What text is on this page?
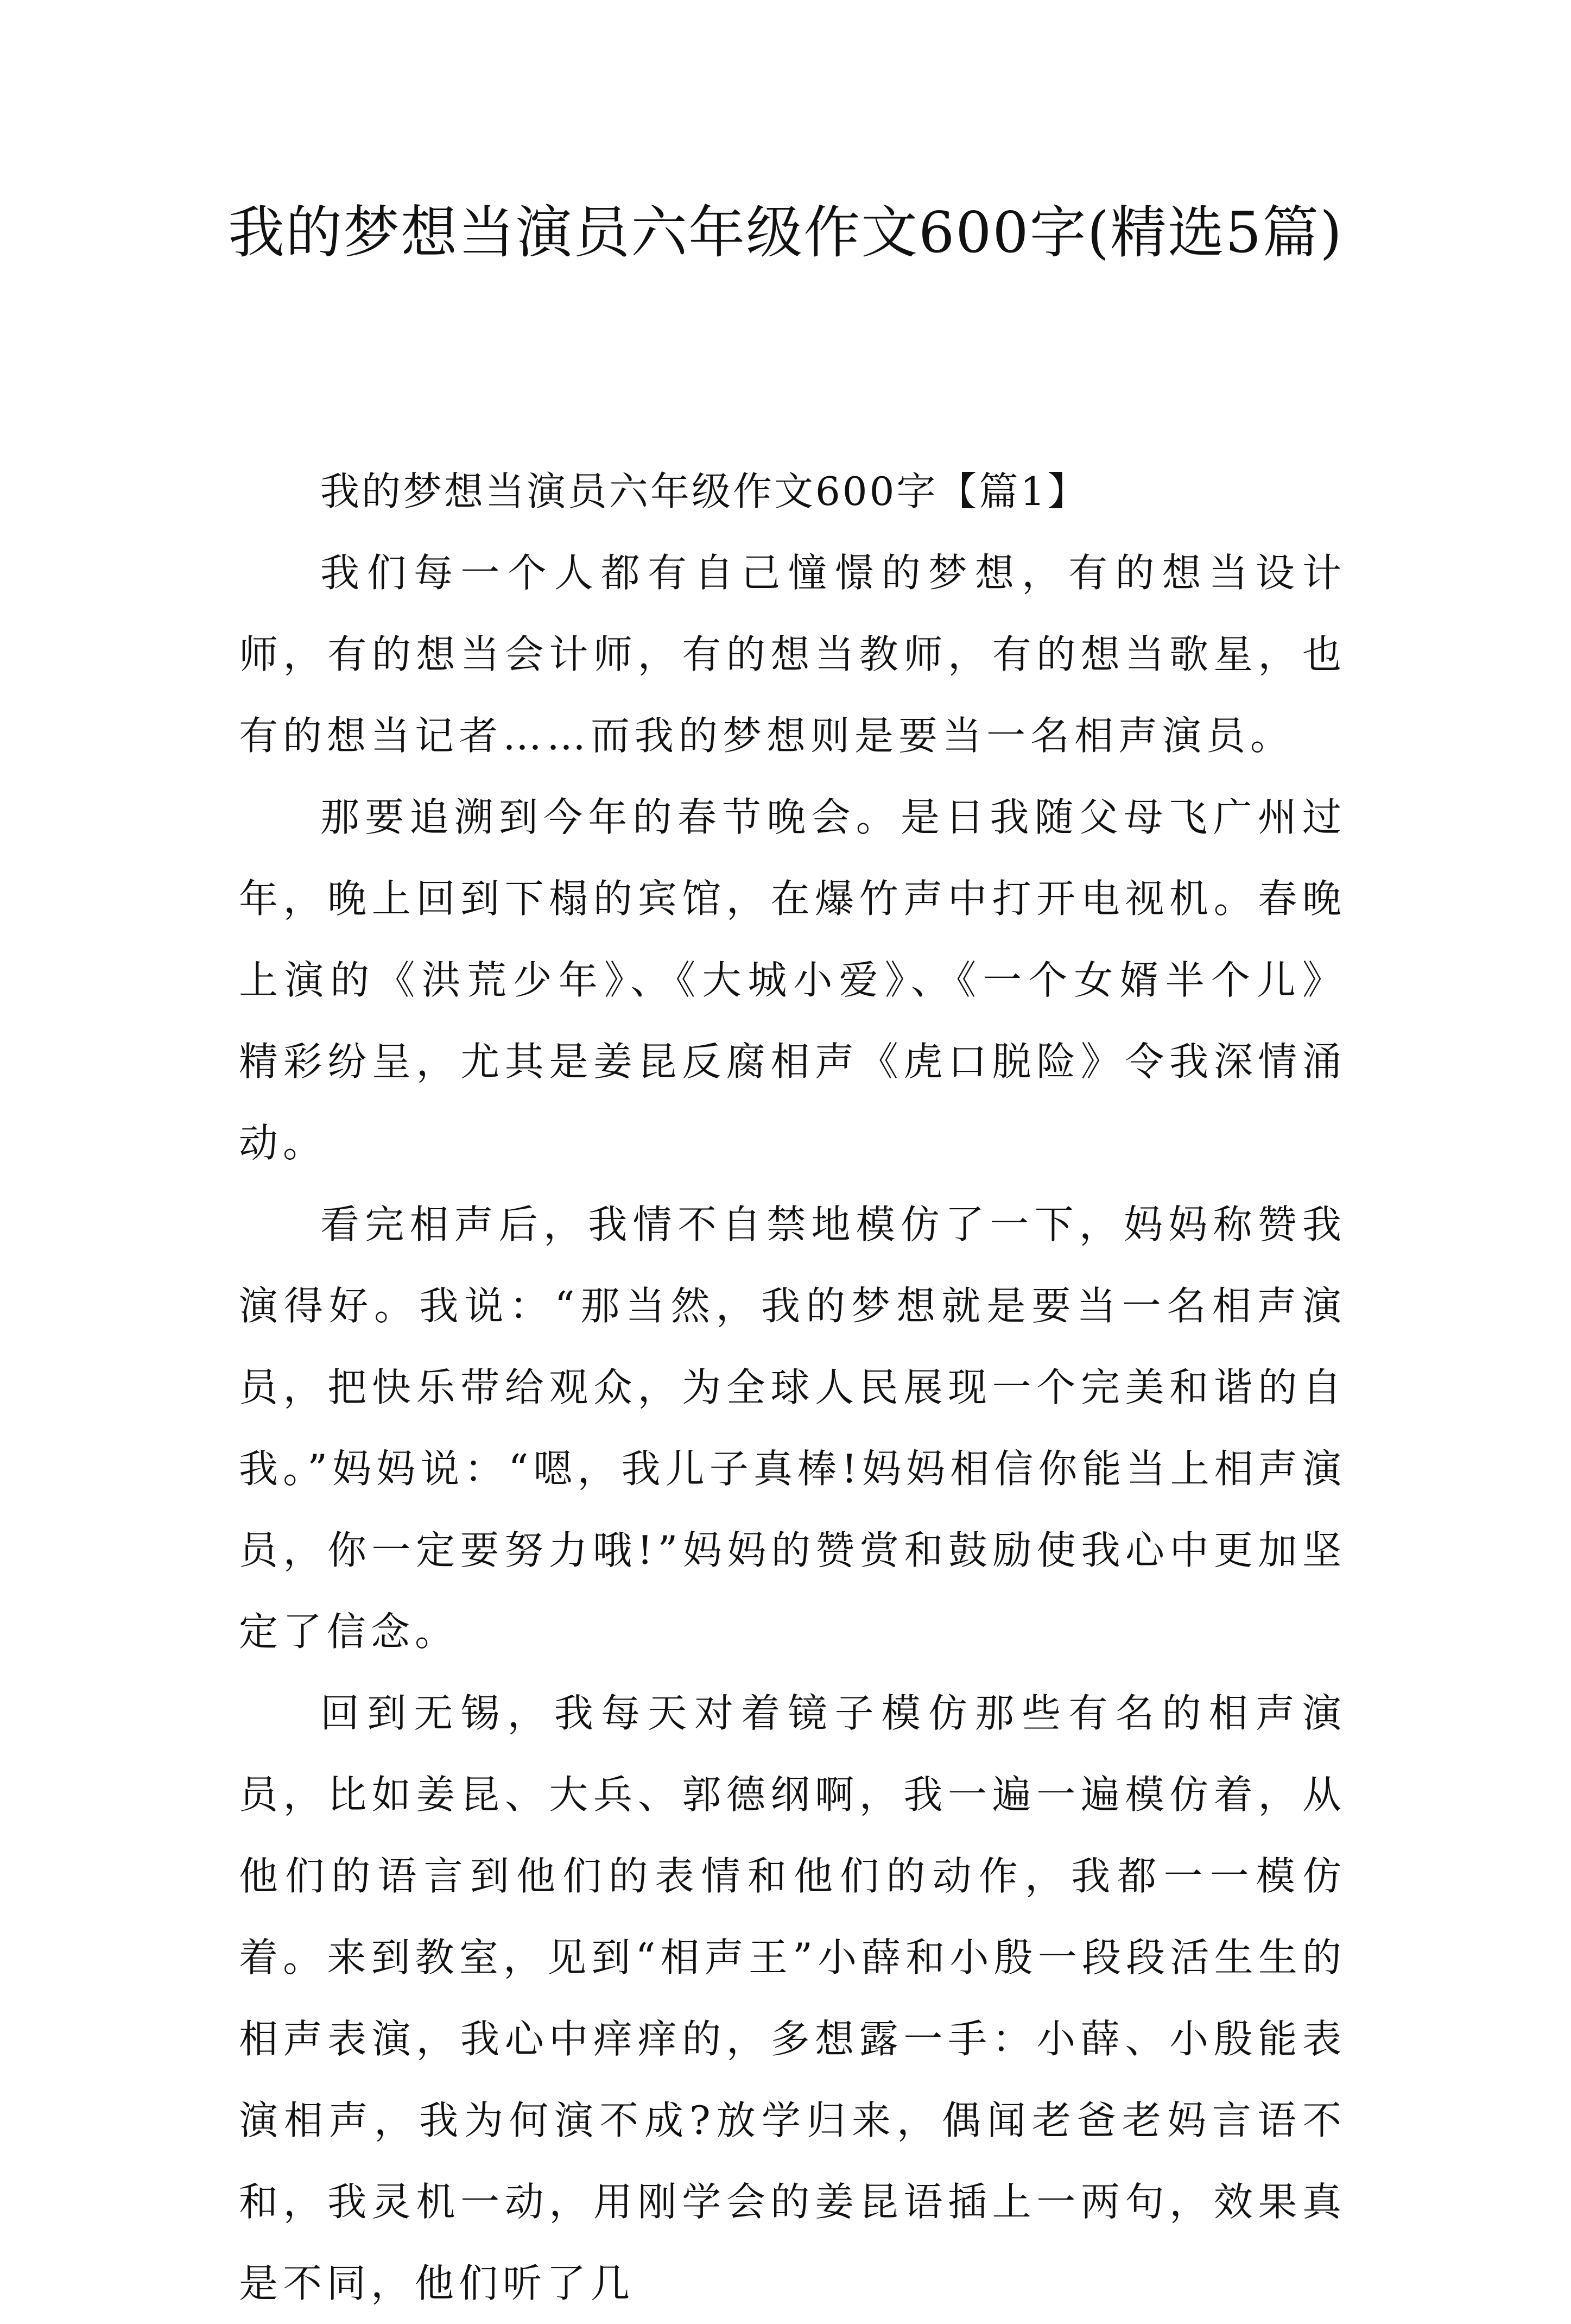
我的梦想当演员六年级作文600字(精选5篇)

我的梦想当演员六年级作文600字【篇1】

我们每一个人都有自己憧憬的梦想，有的想当设计师，有的想当会计师，有的想当教师，有的想当歌星，也有的想当记者……而我的梦想则是要当一名相声演员。

那要追溯到今年的春节晚会。是日我随父母飞广州过年，晚上回到下榻的宾馆，在爆竹声中打开电视机。春晚上演的《洪荒少年》、《大城小爱》、《一个女婿半个儿》精彩纷呈，尤其是姜昆反腐相声《虎口脱险》令我深情涌动。

看完相声后，我情不自禁地模仿了一下，妈妈称赞我演得好。我说：“那当然，我的梦想就是要当一名相声演员，把快乐带给观众，为全球人民展现一个完美和谐的自我。”妈妈说：“嗯，我儿子真棒!妈妈相信你能当上相声演员，你一定要努力哦!”妈妈的赞赏和鼓励使我心中更加坚定了信念。

回到无锡，我每天对着镜子模仿那些有名的相声演员，比如姜昆、大兵、郭德纲啊，我一遍一遍模仿着，从他们的语言到他们的表情和他们的动作，我都一一模仿着。来到教室，见到“相声王”小薛和小殷一段段活生生的相声表演，我心中痒痒的，多想露一手：小薛、小殷能表演相声，我为何演不成?放学归来，偶闻老爸老妈言语不和，我灵机一动，用刚学会的姜昆语插上一两句，效果真是不同，他们听了几
